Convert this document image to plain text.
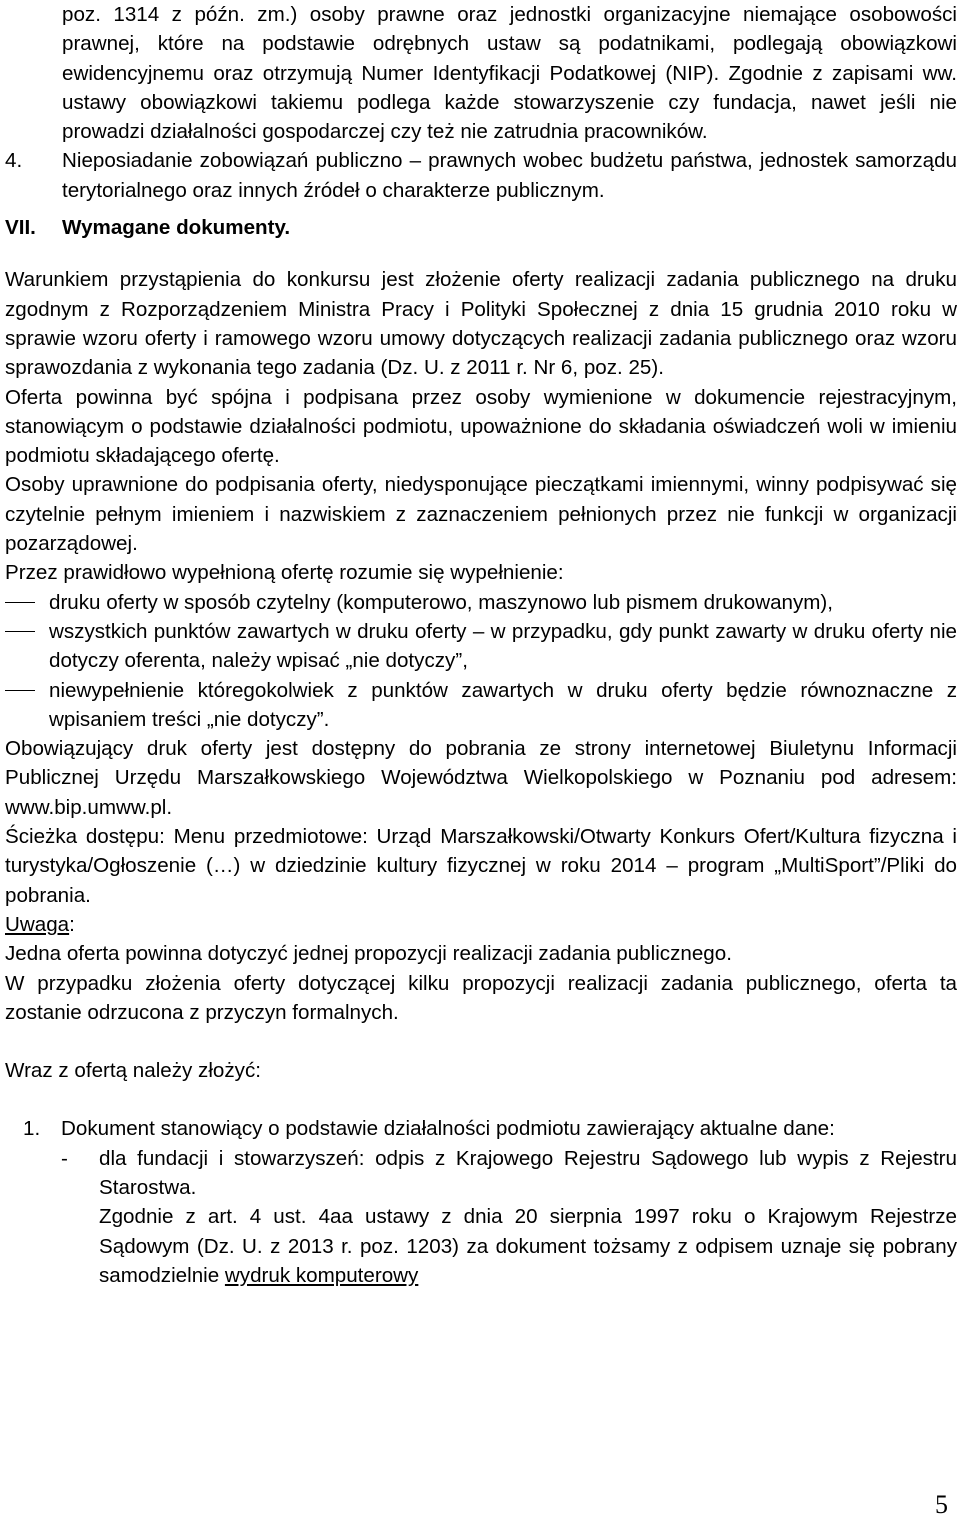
poz. 1314 z późn. zm.) osoby prawne oraz jednostki organizacyjne niemające osobowości prawnej, które na podstawie odrębnych ustaw są podatnikami, podlegają obowiązkowi ewidencyjnemu oraz otrzymują Numer Identyfikacji Podatkowej (NIP). Zgodnie z zapisami ww. ustawy obowiązkowi takiemu podlega każde stowarzyszenie czy fundacja, nawet jeśli nie prowadzi działalności gospodarczej czy też nie zatrudnia pracowników.

4.	Nieposiadanie zobowiązań publiczno – prawnych wobec budżetu państwa, jednostek samorządu terytorialnego oraz innych źródeł o charakterze publicznym.
VII.	Wymagane dokumenty.

Warunkiem przystąpienia do konkursu jest złożenie oferty realizacji zadania publicznego na druku zgodnym z Rozporządzeniem Ministra Pracy i Polityki Społecznej z dnia 15 grudnia 2010 roku w sprawie wzoru oferty i ramowego wzoru umowy dotyczących realizacji zadania publicznego oraz wzoru sprawozdania z wykonania tego zadania (Dz. U. z 2011 r. Nr 6, poz. 25).

Oferta powinna być spójna i podpisana przez osoby wymienione w dokumencie rejestracyjnym, stanowiącym o podstawie działalności podmiotu, upoważnione do składania oświadczeń woli w imieniu podmiotu składającego ofertę.

Osoby uprawnione do podpisania oferty, niedysponujące pieczątkami imiennymi, winny podpisywać się czytelnie pełnym imieniem i nazwiskiem z zaznaczeniem pełnionych przez nie funkcji w organizacji pozarządowej.

Przez prawidłowo wypełnioną ofertę rozumie się wypełnienie:

druku oferty w sposób czytelny (komputerowo, maszynowo lub pismem drukowanym),
wszystkich punktów zawartych w druku oferty – w przypadku, gdy punkt zawarty w druku oferty nie dotyczy oferenta, należy wpisać „nie dotyczy”,
niewypełnienie któregokolwiek z punktów zawartych w druku oferty będzie równoznaczne z wpisaniem treści „nie dotyczy”.

Obowiązujący druk oferty jest dostępny do pobrania ze strony internetowej Biuletynu Informacji Publicznej Urzędu Marszałkowskiego Województwa Wielkopolskiego w Poznaniu pod adresem: www.bip.umww.pl.

Ścieżka dostępu: Menu przedmiotowe: Urząd Marszałkowski/Otwarty Konkurs Ofert/Kultura fizyczna i turystyka/Ogłoszenie (…) w dziedzinie kultury fizycznej w roku 2014 – program „MultiSport”/Pliki do pobrania.

Uwaga:

Jedna oferta powinna dotyczyć jednej propozycji realizacji zadania publicznego.

W przypadku złożenia oferty dotyczącej kilku propozycji realizacji zadania publicznego, oferta ta zostanie odrzucona z przyczyn formalnych.

Wraz z ofertą należy złożyć:

1.	Dokument stanowiący o podstawie działalności podmiotu zawierający aktualne dane:
-	dla fundacji i stowarzyszeń: odpis z Krajowego Rejestru Sądowego lub wypis z Rejestru Starostwa.
Zgodnie z art. 4 ust. 4aa ustawy z dnia 20 sierpnia 1997 roku o Krajowym Rejestrze Sądowym (Dz. U. z 2013 r. poz. 1203) za dokument tożsamy z odpisem uznaje się pobrany samodzielnie wydruk komputerowy
5
